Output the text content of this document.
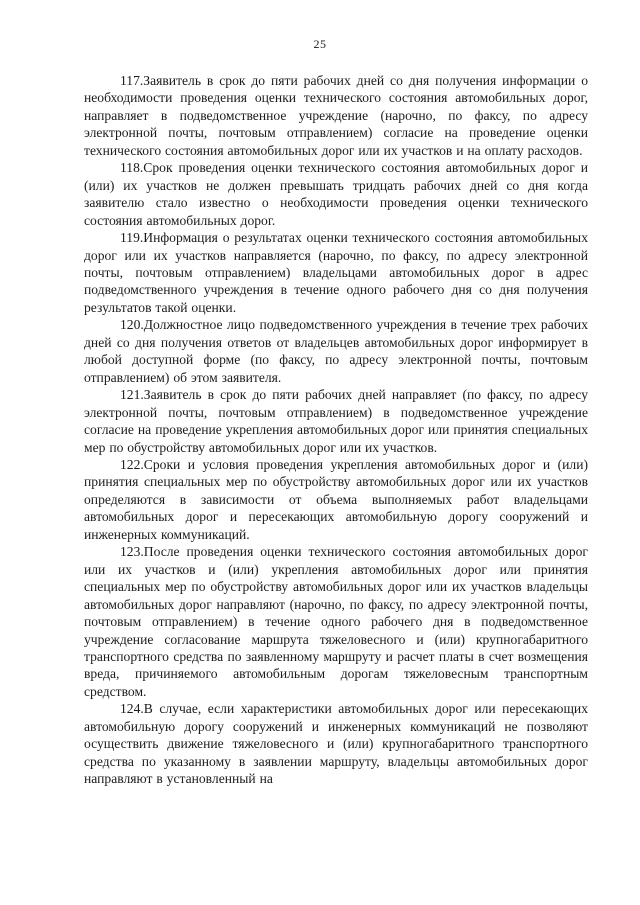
25

117.Заявитель в срок до пяти рабочих дней со дня получения информации о необходимости проведения оценки технического состояния автомобильных дорог, направляет в подведомственное учреждение (нарочно, по факсу, по адресу электронной почты, почтовым отправлением) согласие на проведение оценки технического состояния автомобильных дорог или их участков и на оплату расходов.

118.Срок проведения оценки технического состояния автомобильных дорог и (или) их участков не должен превышать тридцать рабочих дней со дня когда заявителю стало известно о необходимости проведения оценки технического состояния автомобильных дорог.

119.Информация о результатах оценки технического состояния автомобильных дорог или их участков направляется (нарочно, по факсу, по адресу электронной почты, почтовым отправлением) владельцами автомобильных дорог в адрес подведомственного учреждения в течение одного рабочего дня со дня получения результатов такой оценки.

120.Должностное лицо подведомственного учреждения в течение трех рабочих дней со дня получения ответов от владельцев автомобильных дорог информирует в любой доступной форме (по факсу, по адресу электронной почты, почтовым отправлением) об этом заявителя.

121.Заявитель в срок до пяти рабочих дней направляет (по факсу, по адресу электронной почты, почтовым отправлением) в подведомственное учреждение согласие на проведение укрепления автомобильных дорог или принятия специальных мер по обустройству автомобильных дорог или их участков.

122.Сроки и условия проведения укрепления автомобильных дорог и (или) принятия специальных мер по обустройству автомобильных дорог или их участков определяются в зависимости от объема выполняемых работ владельцами автомобильных дорог и пересекающих автомобильную дорогу сооружений и инженерных коммуникаций.

123.После проведения оценки технического состояния автомобильных дорог или их участков и (или) укрепления автомобильных дорог или принятия специальных мер по обустройству автомобильных дорог или их участков владельцы автомобильных дорог направляют (нарочно, по факсу, по адресу электронной почты, почтовым отправлением) в течение одного рабочего дня в подведомственное учреждение согласование маршрута тяжеловесного и (или) крупногабаритного транспортного средства по заявленному маршруту и расчет платы в счет возмещения вреда, причиняемого автомобильным дорогам тяжеловесным транспортным средством.

124.В случае, если характеристики автомобильных дорог или пересекающих автомобильную дорогу сооружений и инженерных коммуникаций не позволяют осуществить движение тяжеловесного и (или) крупногабаритного транспортного средства по указанному в заявлении маршруту, владельцы автомобильных дорог направляют в установленный на
